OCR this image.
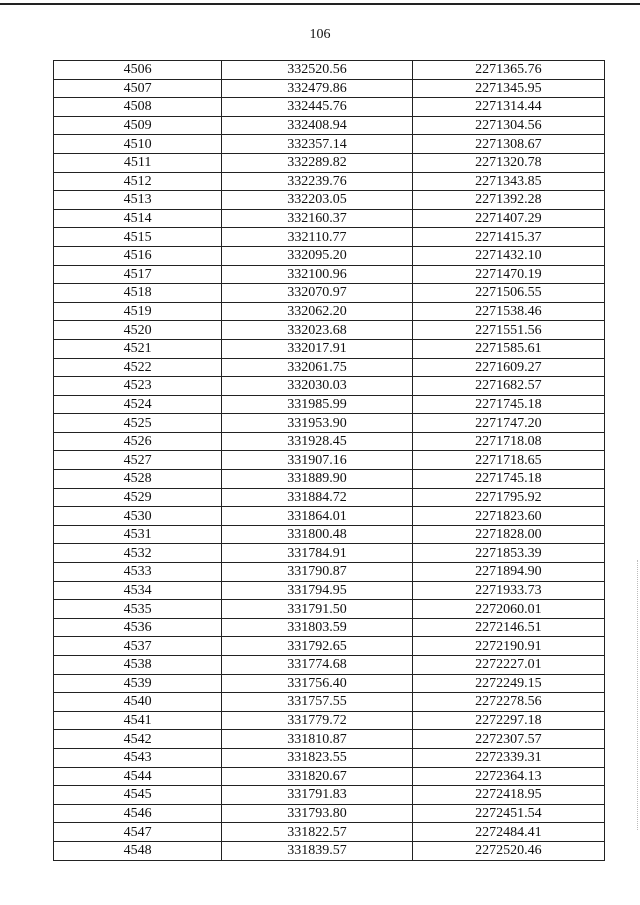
106
4506	332520.56	2271365.76
4507	332479.86	2271345.95
4508	332445.76	2271314.44
4509	332408.94	2271304.56
4510	332357.14	2271308.67
4511	332289.82	2271320.78
4512	332239.76	2271343.85
4513	332203.05	2271392.28
4514	332160.37	2271407.29
4515	332110.77	2271415.37
4516	332095.20	2271432.10
4517	332100.96	2271470.19
4518	332070.97	2271506.55
4519	332062.20	2271538.46
4520	332023.68	2271551.56
4521	332017.91	2271585.61
4522	332061.75	2271609.27
4523	332030.03	2271682.57
4524	331985.99	2271745.18
4525	331953.90	2271747.20
4526	331928.45	2271718.08
4527	331907.16	2271718.65
4528	331889.90	2271745.18
4529	331884.72	2271795.92
4530	331864.01	2271823.60
4531	331800.48	2271828.00
4532	331784.91	2271853.39
4533	331790.87	2271894.90
4534	331794.95	2271933.73
4535	331791.50	2272060.01
4536	331803.59	2272146.51
4537	331792.65	2272190.91
4538	331774.68	2272227.01
4539	331756.40	2272249.15
4540	331757.55	2272278.56
4541	331779.72	2272297.18
4542	331810.87	2272307.57
4543	331823.55	2272339.31
4544	331820.67	2272364.13
4545	331791.83	2272418.95
4546	331793.80	2272451.54
4547	331822.57	2272484.41
4548	331839.57	2272520.46
